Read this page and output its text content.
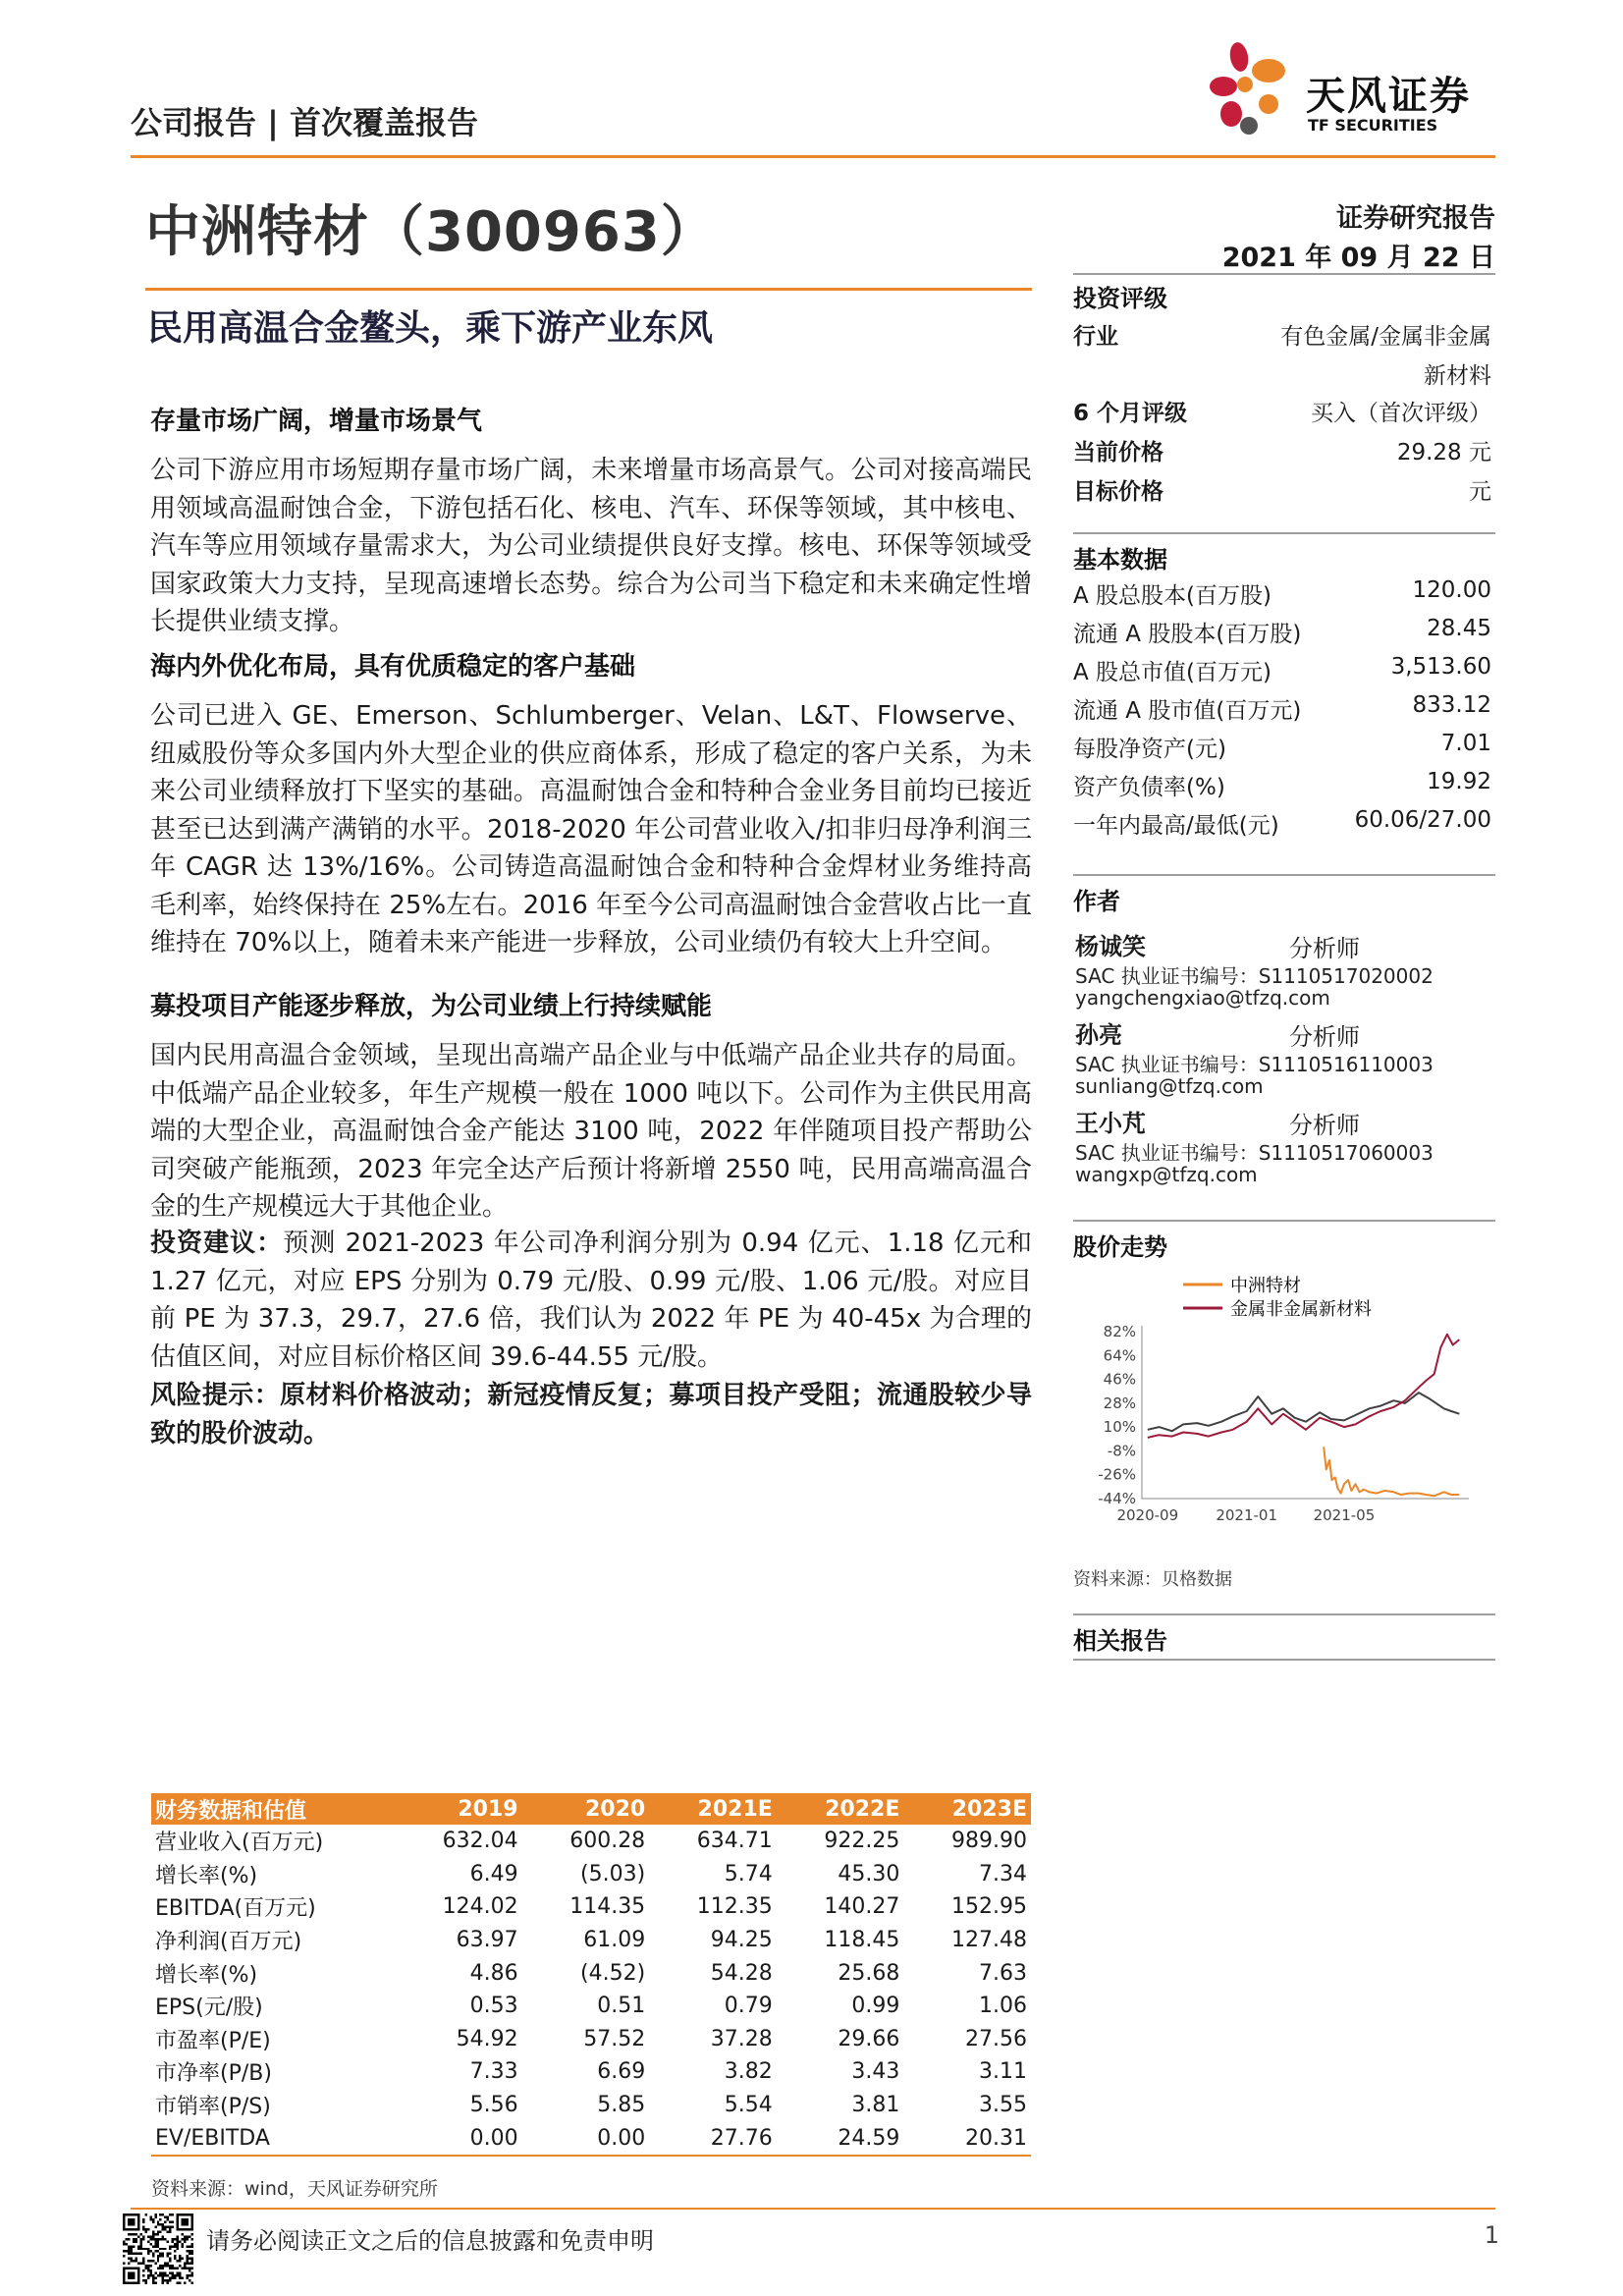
公司报告 | 首次覆盖报告
天风证券
TF SECURITIES
中洲特材（300963）	证券研究报告
2021 年 09 月 22 日
民用高温合金鳌头，乘下游产业东风
存量市场广阔，增量市场景气
公司下游应用市场短期存量市场广阔，未来增量市场高景气。公司对接高端民用领域高温耐蚀合金，下游包括石化、核电、汽车、环保等领域，其中核电、汽车等应用领域存量需求大，为公司业绩提供良好支撑。核电、环保等领域受国家政策大力支持，呈现高速增长态势。综合为公司当下稳定和未来确定性增长提供业绩支撑。
海内外优化布局，具有优质稳定的客户基础
公司已进入 GE、Emerson、Schlumberger、Velan、L&T、Flowserve、纽威股份等众多国内外大型企业的供应商体系，形成了稳定的客户关系，为未来公司业绩释放打下坚实的基础。高温耐蚀合金和特种合金业务目前均已接近甚至已达到满产满销的水平。2018-2020 年公司营业收入/扣非归母净利润三年 CAGR 达 13%/16%。公司铸造高温耐蚀合金和特种合金焊材业务维持高毛利率，始终保持在 25%左右。2016 年至今公司高温耐蚀合金营收占比一直维持在 70%以上，随着未来产能进一步释放，公司业绩仍有较大上升空间。
募投项目产能逐步释放，为公司业绩上行持续赋能
国内民用高温合金领域，呈现出高端产品企业与中低端产品企业共存的局面。中低端产品企业较多，年生产规模一般在 1000 吨以下。公司作为主供民用高端的大型企业，高温耐蚀合金产能达 3100 吨，2022 年伴随项目投产帮助公司突破产能瓶颈，2023 年完全达产后预计将新增 2550 吨，民用高端高温合金的生产规模远大于其他企业。
投资建议：预测 2021-2023 年公司净利润分别为 0.94 亿元、1.18 亿元和 1.27 亿元，对应 EPS 分别为 0.79 元/股、0.99 元/股、1.06 元/股。对应目前 PE 为 37.3，29.7，27.6 倍，我们认为 2022 年 PE 为 40-45x 为合理的估值区间，对应目标价格区间 39.6-44.55 元/股。
风险提示：原材料价格波动；新冠疫情反复；募项目投产受阻；流通股较少导致的股价波动。
投资评级
行业	有色金属/金属非金属
新材料
6 个月评级	买入（首次评级）
当前价格	29.28 元
目标价格	元
基本数据
A 股总股本(百万股)	120.00
流通 A 股股本(百万股)	28.45
A 股总市值(百万元)	3,513.60
流通 A 股市值(百万元)	833.12
每股净资产(元)	7.01
资产负债率(%)	19.92
一年内最高/最低(元)	60.06/27.00
作者
杨诚笑	分析师
SAC 执业证书编号：S1110517020002
yangchengxiao@tfzq.com
孙亮	分析师
SAC 执业证书编号：S1110516110003
sunliang@tfzq.com
王小芃	分析师
SAC 执业证书编号：S1110517060003
wangxp@tfzq.com
股价走势
中洲特材
金属非金属新材料
82%
64%
46%
28%
10%
-8%
-26%
-44%
2020-09	2021-01 2021-05
资料来源：贝格数据
相关报告
财务数据和估值	2019	2020	2021E	2022E	2023E
营业收入(百万元)	632.04	600.28	634.71	922.25	989.90
增长率(%)	6.49	(5.03)	5.74	45.30	7.34
EBITDA(百万元)	124.02	114.35	112.35	140.27	152.95
净利润(百万元)	63.97	61.09	94.25	118.45	127.48
增长率(%)	4.86	(4.52)	54.28	25.68	7.63
EPS(元/股)	0.53	0.51	0.79	0.99	1.06
市盈率(P/E)	54.92	57.52	37.28	29.66	27.56
市净率(P/B)	7.33	6.69	3.82	3.43	3.11
市销率(P/S)	5.56	5.85	5.54	3.81	3.55
EV/EBITDA	0.00	0.00	27.76	24.59	20.31
资料来源：wind，天风证券研究所
请务必阅读正文之后的信息披露和免责申明	1
